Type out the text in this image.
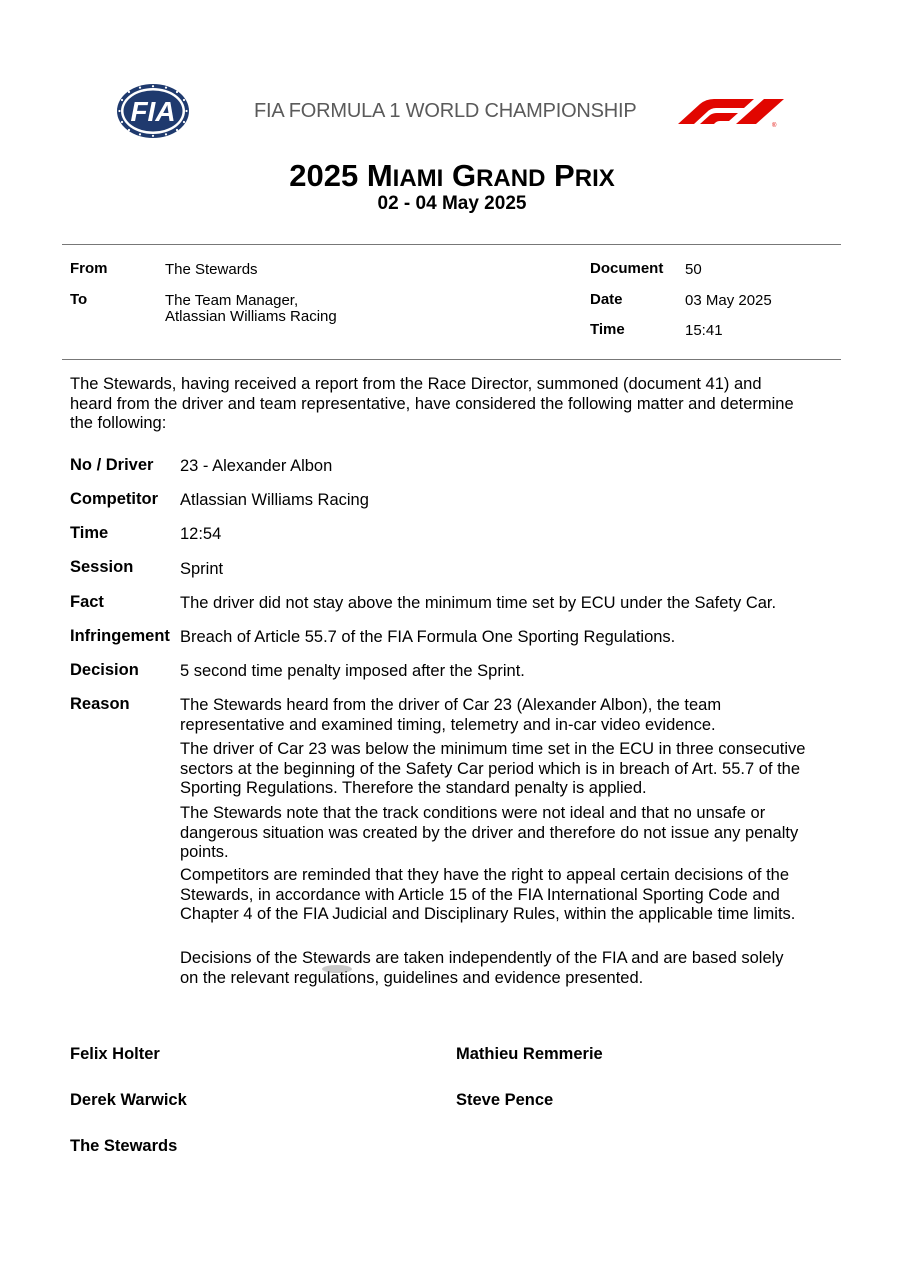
FIA	FIA FORMULA 1 WORLD CHAMPIONSHIP
®
2025 MIAMI GRAND PRIX
02 - 04 May 2025
From	The Stewards
To	The Team Manager,
Atlassian Williams Racing
Document 50
Date	03 May 2025
Time	15:41
The Stewards, having received a report from the Race Director, summoned (document 41) and
heard from the driver and team representative, have considered the following matter and determine
the following:
No / Driver 23 - Alexander Albon
Competitor Atlassian Williams Racing
Time	12:54
Session	Sprint
Fact	The driver did not stay above the minimum time set by ECU under the Safety Car.
Infringement Breach of Article 55.7 of the FIA Formula One Sporting Regulations.
Decision 5 second time penalty imposed after the Sprint.
Reason	The Stewards heard from the driver of Car 23 (Alexander Albon), the team
representative and examined timing, telemetry and in-car video evidence.
The driver of Car 23 was below the minimum time set in the ECU in three consecutive
sectors at the beginning of the Safety Car period which is in breach of Art. 55.7 of the
Sporting Regulations. Therefore the standard penalty is applied.
The Stewards note that the track conditions were not ideal and that no unsafe or
dangerous situation was created by the driver and therefore do not issue any penalty
points.
Competitors are reminded that they have the right to appeal certain decisions of the
Stewards, in accordance with Article 15 of the FIA International Sporting Code and
Chapter 4 of the FIA Judicial and Disciplinary Rules, within the applicable time limits.
Decisions of the Stewards are taken independently of the FIA and are based solely
on the relevant regulations, guidelines and evidence presented.
Felix Holter	Mathieu Remmerie
Derek Warwick	Steve Pence
The Stewards
